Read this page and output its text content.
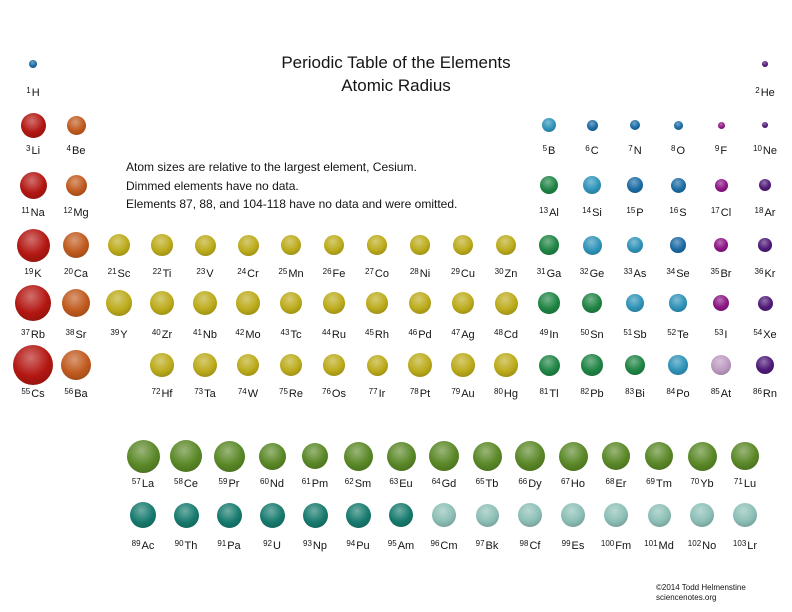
Periodic Table of the Elements
Atomic Radius
Atom sizes are relative to the largest element, Cesium.
Dimmed elements have no data.
Elements 87, 88, and 104-118 have no data and were omitted.
$^1$H	$^2$He
$^3$Li	$^4$Be	$^5$B	$^6$C	$^7$N	$^8$O	$^9$F	$^{10}$Ne
$^{11}$Na $^{12}$Mg	$^{13}$Al	$^{14}$Si	$^{15}$P	$^{16}$S	$^{17}$Cl	$^{18}$Ar
$^{19}$K	$^{20}$Ca $^{21}$Sc	$^{22}$Ti	$^{23}$V	$^{24}$Cr $^{25}$Mn $^{26}$Fe $^{27}$Co	$^{28}$Ni	$^{29}$Cu $^{30}$Zn $^{31}$Ga $^{32}$Ge $^{33}$As $^{34}$Se	$^{35}$Br	$^{36}$Kr
$^{37}$Rb	$^{38}$Sr	$^{39}$Y	$^{40}$Zr	$^{41}$Nb $^{42}$Mo $^{43}$Tc	$^{44}$Ru $^{45}$Rh $^{46}$Pd $^{47}$Ag $^{48}$Cd	$^{49}$In	$^{50}$Sn $^{51}$Sb	$^{52}$Te	$^{53}$I	$^{54}$Xe
$^{55}$Cs $^{56}$Ba	$^{72}$Hf	$^{73}$Ta	$^{74}$W	$^{75}$Re $^{76}$Os	$^{77}$Ir	$^{78}$Pt	$^{79}$Au $^{80}$Hg	$^{81}$Tl	$^{82}$Pb	$^{83}$Bi	$^{84}$Po	$^{85}$At	$^{86}$Rn
$^{57}$La $^{58}$Ce	$^{59}$Pr	$^{60}$Nd $^{61}$Pm $^{62}$Sm $^{63}$Eu $^{64}$Gd $^{65}$Tb $^{66}$Dy $^{67}$Ho	$^{68}$Er $^{69}$Tm $^{70}$Yb	$^{71}$Lu
$^{89}$Ac	$^{90}$Th $^{91}$Pa	$^{92}$U	$^{93}$Np $^{94}$Pu $^{95}$Am $^{96}$Cm $^{97}$Bk	$^{98}$Cf	$^{99}$Es $^{100}$Fm $^{101}$Md $^{102}$No $^{103}$Lr
©2014 Todd Helmenstine
sciencenotes.org
